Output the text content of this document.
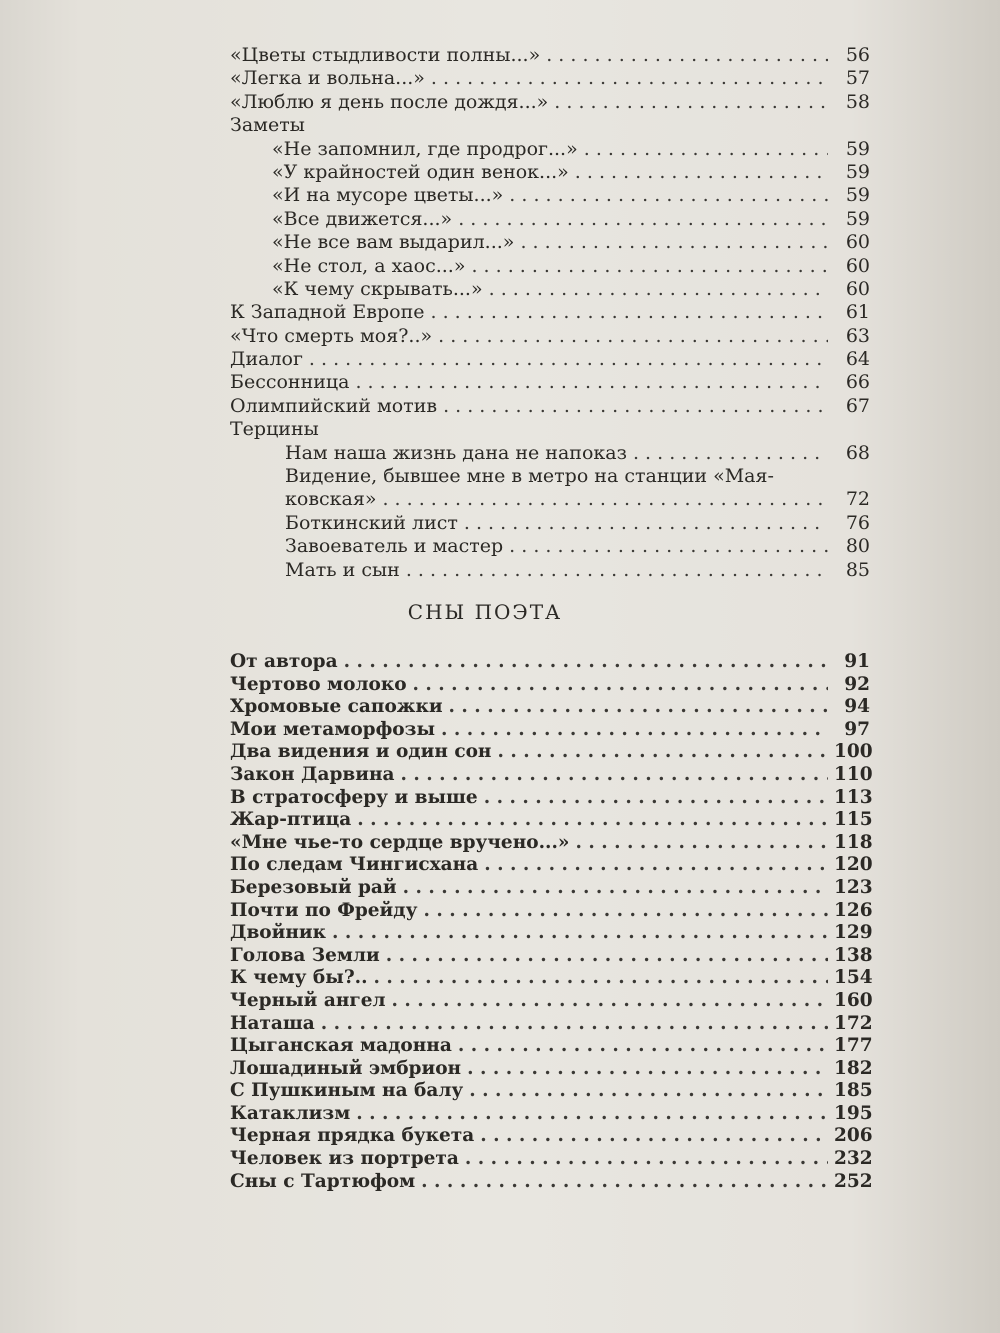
«Цветы стыдливости полны...» . . .	56
«Легка и вольна...» . . .	57
«Люблю я день после дождя...» . . .	58
Заметы
«Не запомнил, где продрог...» . . .	59
«У крайностей один венок...» . . .	59
«И на мусоре цветы...» . . .	59
«Все движется...» . . .	59
«Не все вам выдарил...» . . .	60
«Не стол, а хаос...» . . .	60
«К чему скрывать...» . . .	60
К Западной Европе . . .	61
«Что смерть моя?..» . . .	63
Диалог . . .	64
Бессонница . . .	66
Олимпийский мотив . . .	67
Терцины
Нам наша жизнь дана не напоказ . . .	68
Видение, бывшее мне в метро на станции «Мая-
ковская» . . .	72
Боткинский лист . . .	76
Завоеватель и мастер . . .	80
Мать и сын . . .	85
СНЫ ПОЭТА
От автора . . .	91
Чертово молоко . . .	92
Хромовые сапожки . . .	94
Мои метаморфозы . . .	97
Два видения и один сон . . .	100
Закон Дарвина . . .	110
В стратосферу и выше . . .	113
Жар-птица . . .	115
«Мне чье-то сердце вручено...» . . .	118
По следам Чингисхана . . .	120
Березовый рай . . .	123
Почти по Фрейду . . .	126
Двойник . . .	129
Голова Земли . . .	138
К чему бы?.. . . .	154
Черный ангел . . .	160
Наташа . . .	172
Цыганская мадонна . . .	177
Лошадиный эмбрион . . .	182
С Пушкиным на балу . . .	185
Катаклизм . . .	195
Черная прядка букета . . .	206
Человек из портрета . . .	232
Сны с Тартюфом . . .	252
